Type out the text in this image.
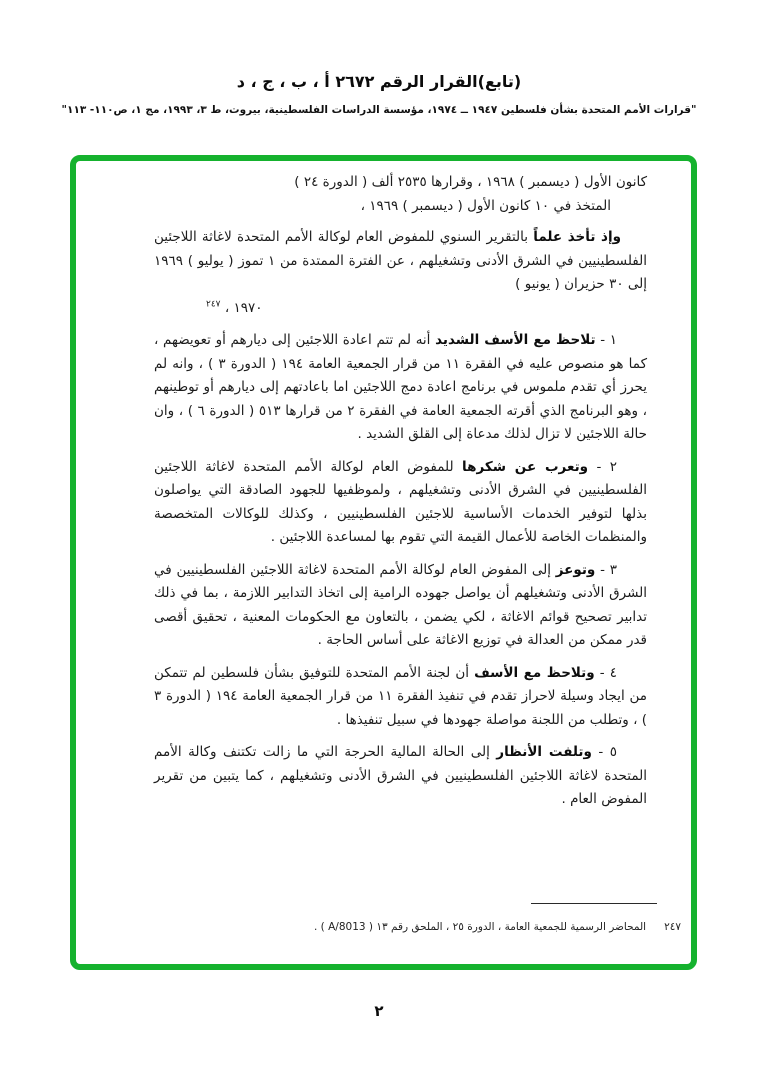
(تابع)القرار الرقم ٢٦٧٢ أ ، ب ، ج ، د
"قرارات الأمم المتحدة بشأن فلسطين ١٩٤٧ ــ ١٩٧٤، مؤسسة الدراسات الفلسطينية، بيروت، ط ٣، ١٩٩٣، مج ١، ص١١٠- ١١٣"

كانون الأول ( ديسمبر ) ١٩٦٨ ، وقرارها ٢٥٣٥ ألف ( الدورة ٢٤ )

المتخذ في ١٠ كانون الأول ( ديسمبر ) ١٩٦٩ ،

وإذ تأخذ علماً بالتقرير السنوي للمفوض العام لوكالة الأمم المتحدة لاغاثة اللاجئين الفلسطينيين في الشرق الأدنى وتشغيلهم ، عن الفترة الممتدة من ١ تموز ( يوليو ) ١٩٦٩ إلى ٣٠ حزيران ( يونيو )

١٩٧٠ ، $^{٢٤٧}$

١ - تلاحظ مع الأسف الشديد أنه لم تتم اعادة اللاجئين إلى ديارهم أو تعويضهم ، كما هو منصوص عليه في الفقرة ١١ من قرار الجمعية العامة ١٩٤ ( الدورة ٣ ) ، وانه لم يحرز أي تقدم ملموس في برنامج اعادة دمج اللاجئين اما باعادتهم إلى ديارهم أو توطينهم ، وهو البرنامج الذي أقرته الجمعية العامة في الفقرة ٢ من قرارها ٥١٣ ( الدورة ٦ ) ، وان حالة اللاجئين لا تزال لذلك مدعاة إلى القلق الشديد .

٢ - وتعرب عن شكرها للمفوض العام لوكالة الأمم المتحدة لاغاثة اللاجئين الفلسطينيين في الشرق الأدنى وتشغيلهم ، ولموظفيها للجهود الصادقة التي يواصلون بذلها لتوفير الخدمات الأساسية للاجئين الفلسطينيين ، وكذلك للوكالات المتخصصة والمنظمات الخاصة للأعمال القيمة التي تقوم بها لمساعدة اللاجئين .

٣ - وتوعز إلى المفوض العام لوكالة الأمم المتحدة لاغاثة اللاجئين الفلسطينيين في الشرق الأدنى وتشغيلهم أن يواصل جهوده الرامية إلى اتخاذ التدابير اللازمة ، بما في ذلك تدابير تصحيح قوائم الاغاثة ، لكي يضمن ، بالتعاون مع الحكومات المعنية ، تحقيق أقصى قدر ممكن من العدالة في توزيع الاغاثة على أساس الحاجة .

٤ - وتلاحظ مع الأسف أن لجنة الأمم المتحدة للتوفيق بشأن فلسطين لم تتمكن من ايجاد وسيلة لاحراز تقدم في تنفيذ الفقرة ١١ من قرار الجمعية العامة ١٩٤ ( الدورة ٣ ) ، وتطلب من اللجنة مواصلة جهودها في سبيل تنفيذها .

٥ - وتلفت الأنظار إلى الحالة المالية الحرجة التي ما زالت تكتنف وكالة الأمم المتحدة لاغاثة اللاجئين الفلسطينيين في الشرق الأدنى وتشغيلهم ، كما يتبين من تقرير المفوض العام .

٢٤٧المحاضر الرسمية للجمعية العامة ، الدورة ٢٥ ، الملحق رقم ١٣ ( A/8013 ) .
٢
